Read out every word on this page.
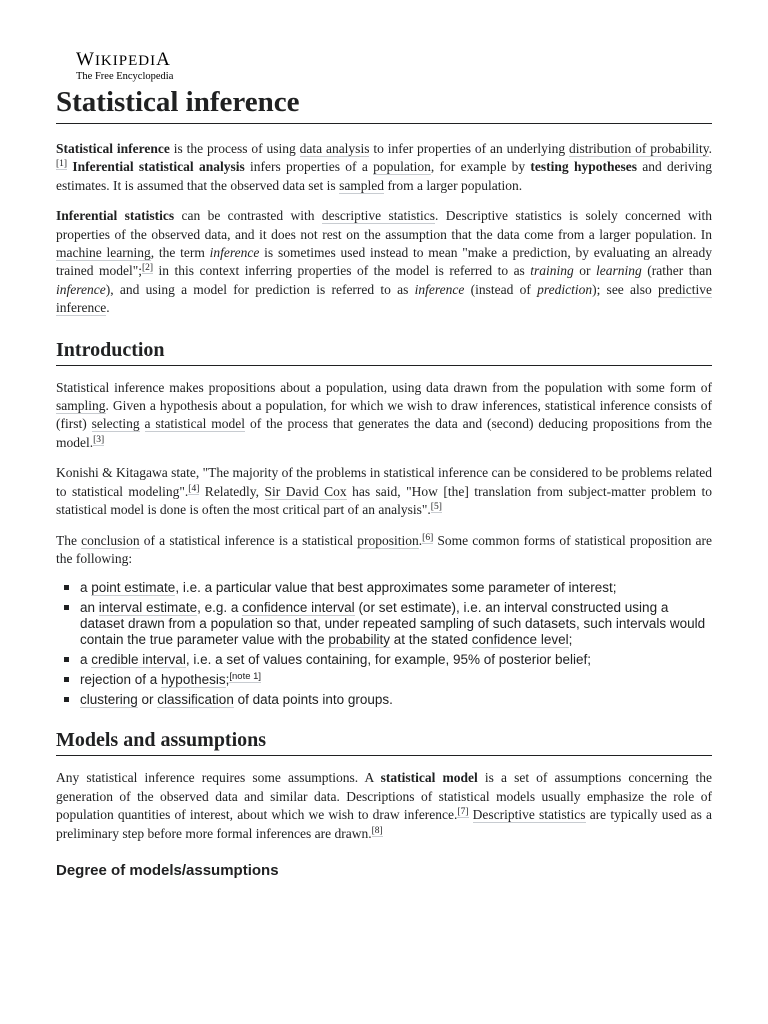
WIKIPEDIA
The Free Encyclopedia
Statistical inference

Statistical inference is the process of using data analysis to infer properties of an underlying distribution of probability.[1] Inferential statistical analysis infers properties of a population, for example by testing hypotheses and deriving estimates. It is assumed that the observed data set is sampled from a larger population.

Inferential statistics can be contrasted with descriptive statistics. Descriptive statistics is solely concerned with properties of the observed data, and it does not rest on the assumption that the data come from a larger population. In machine learning, the term inference is sometimes used instead to mean "make a prediction, by evaluating an already trained model";[2] in this context inferring properties of the model is referred to as training or learning (rather than inference), and using a model for prediction is referred to as inference (instead of prediction); see also predictive inference.

Introduction

Statistical inference makes propositions about a population, using data drawn from the population with some form of sampling. Given a hypothesis about a population, for which we wish to draw inferences, statistical inference consists of (first) selecting a statistical model of the process that generates the data and (second) deducing propositions from the model.[3]

Konishi & Kitagawa state, "The majority of the problems in statistical inference can be considered to be problems related to statistical modeling".[4] Relatedly, Sir David Cox has said, "How [the] translation from subject-matter problem to statistical model is done is often the most critical part of an analysis".[5]

The conclusion of a statistical inference is a statistical proposition.[6] Some common forms of statistical proposition are the following:

a point estimate, i.e. a particular value that best approximates some parameter of interest;
an interval estimate, e.g. a confidence interval (or set estimate), i.e. an interval constructed using a dataset drawn from a population so that, under repeated sampling of such datasets, such intervals would contain the true parameter value with the probability at the stated confidence level;
a credible interval, i.e. a set of values containing, for example, 95% of posterior belief;
rejection of a hypothesis;[note 1]
clustering or classification of data points into groups.
Models and assumptions

Any statistical inference requires some assumptions. A statistical model is a set of assumptions concerning the generation of the observed data and similar data. Descriptions of statistical models usually emphasize the role of population quantities of interest, about which we wish to draw inference.[7] Descriptive statistics are typically used as a preliminary step before more formal inferences are drawn.[8]

Degree of models/assumptions
